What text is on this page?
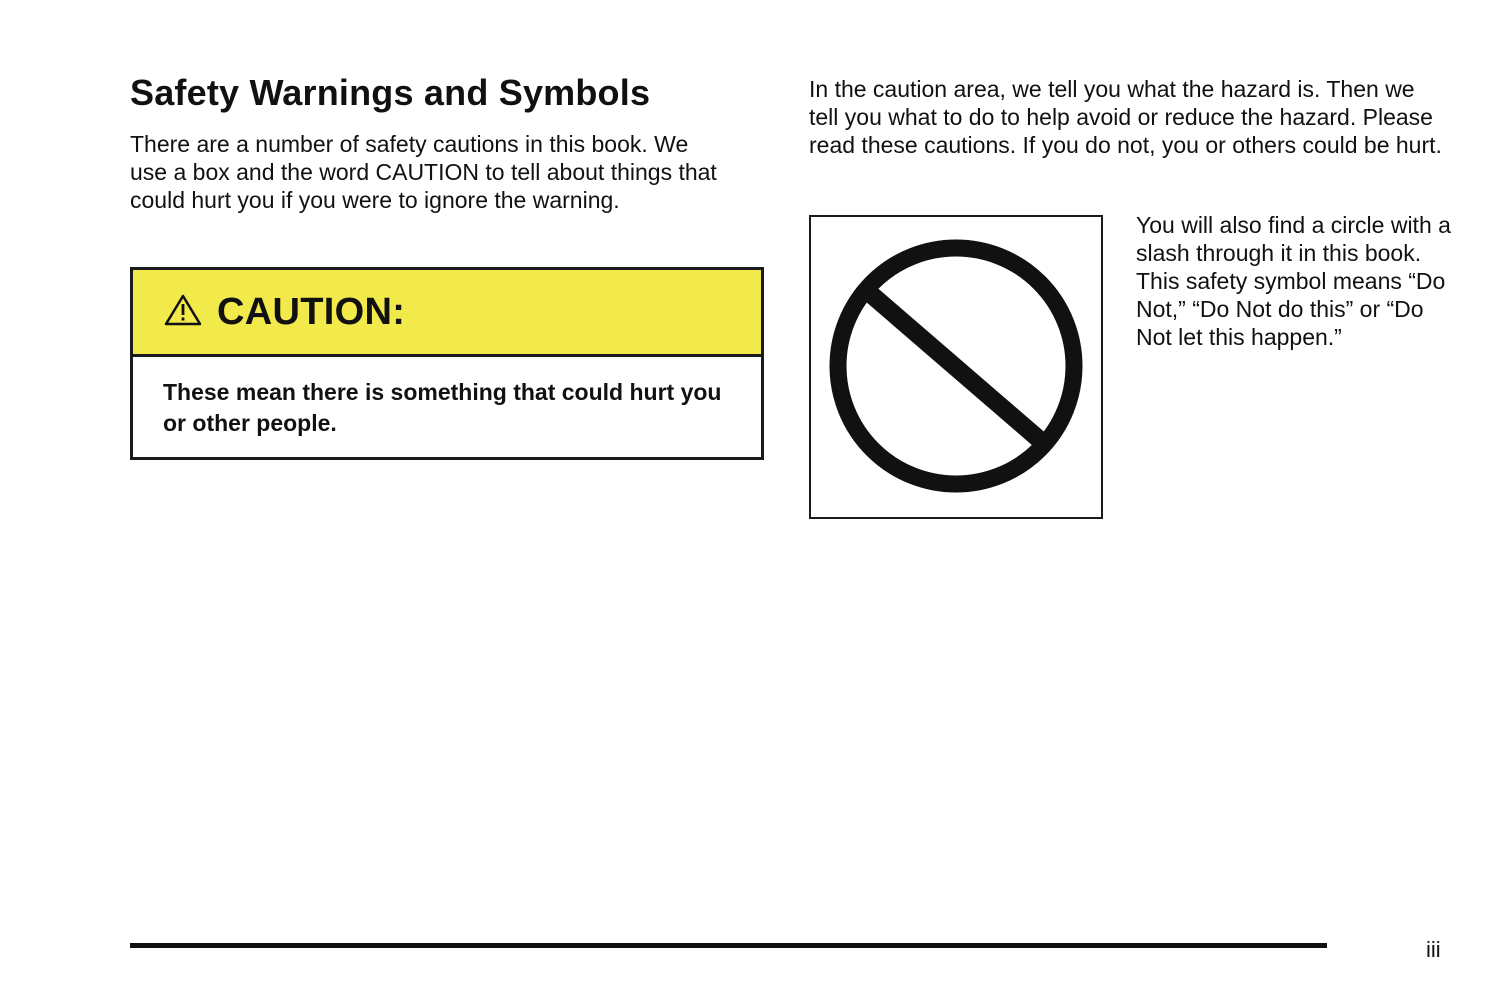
Safety Warnings and Symbols

There are a number of safety cautions in this book. We use a box and the word CAUTION to tell about things that could hurt you if you were to ignore the warning.

CAUTION:
These mean there is something that could hurt you or other people.

In the caution area, we tell you what the hazard is. Then we tell you what to do to help avoid or reduce the hazard. Please read these cautions. If you do not, you or others could be hurt.

You will also find a circle with a slash through it in this book. This safety symbol means “Do Not,” “Do Not do this” or “Do Not let this happen.”

iii
